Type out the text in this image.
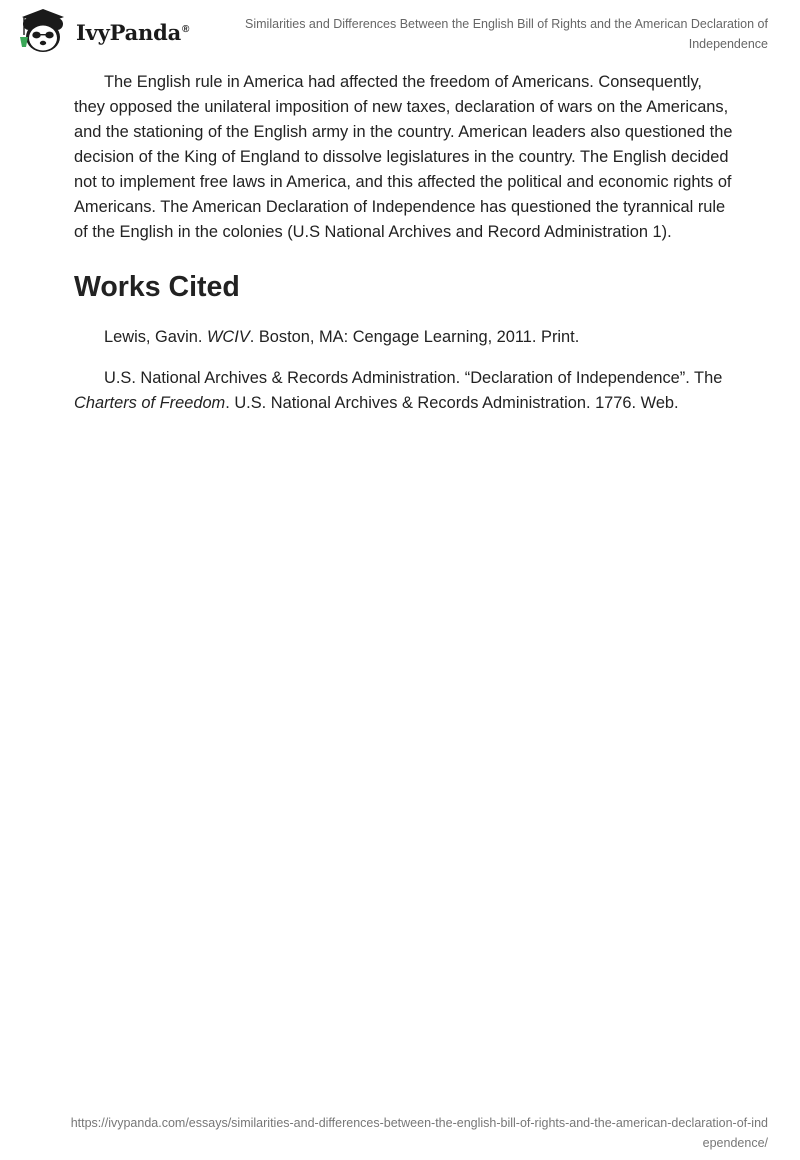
IvyPanda®	Similarities and Differences Between the English Bill of Rights and the American Declaration of Independence

The English rule in America had affected the freedom of Americans. Consequently, they opposed the unilateral imposition of new taxes, declaration of wars on the Americans, and the stationing of the English army in the country. American leaders also questioned the decision of the King of England to dissolve legislatures in the country. The English decided not to implement free laws in America, and this affected the political and economic rights of Americans. The American Declaration of Independence has questioned the tyrannical rule of the English in the colonies (U.S National Archives and Record Administration 1).

Works Cited

Lewis, Gavin. WCIV. Boston, MA: Cengage Learning, 2011. Print.

U.S. National Archives & Records Administration. “Declaration of Independence”. The Charters of Freedom. U.S. National Archives & Records Administration. 1776. Web.

https://ivypanda.com/essays/similarities-and-differences-between-the-english-bill-of-rights-and-the-american-declaration-of-independence/
